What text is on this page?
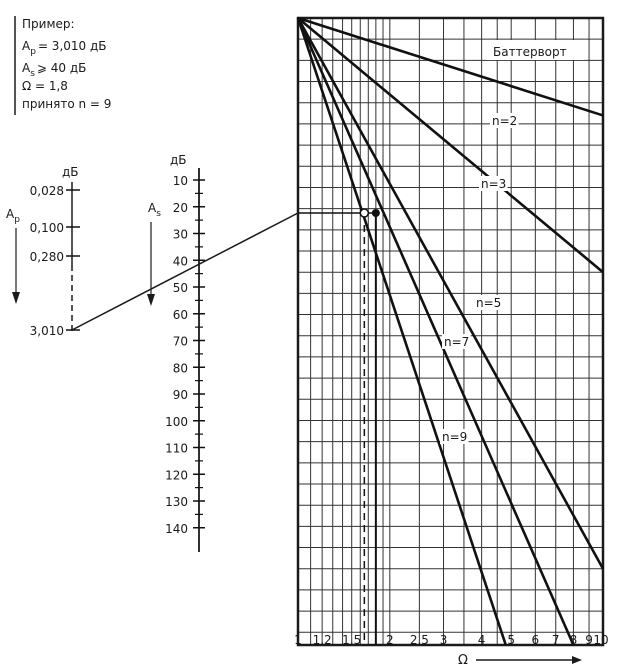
Пример:
$A_p = 3,010$ дБ
$A_s$ ⩾ 40 дБ
Ω = 1,8
принято n = 9
дБ
$A_p$
0,028
0,100
0,280
3,010
дБ
$A_s$
10
20
30
40
50
60
70
80
90
100
110
120
130
140
Баттерворт
n=2
n=3
n=5
n=7
n=9
1 1,2 1,5 2 2,5 3	4 5 6 7 8 9 10
Ω
